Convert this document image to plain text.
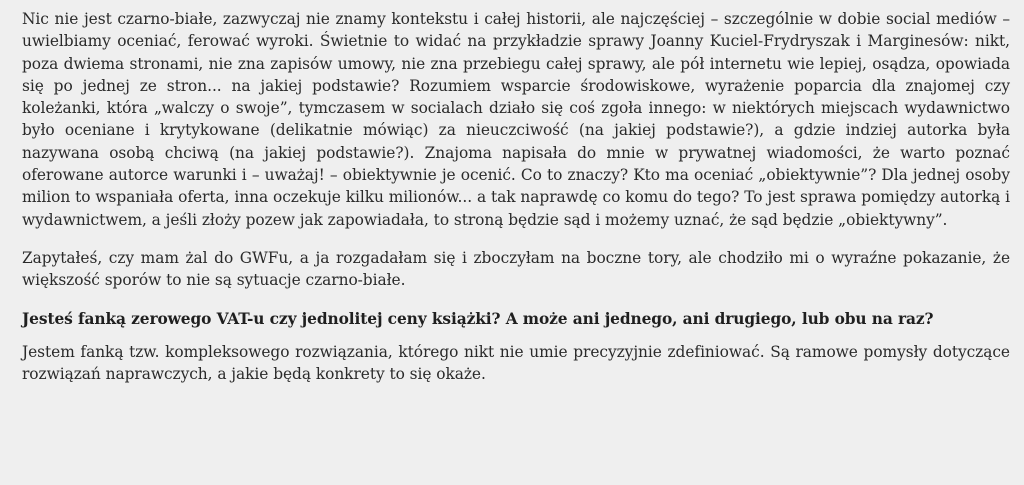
Nic nie jest czarno-białe, zazwyczaj nie znamy kontekstu i całej historii, ale najczęściej – szczególnie w dobie social mediów – uwielbiamy oceniać, ferować wyroki. Świetnie to widać na przykładzie sprawy Joanny Kuciel-Frydryszak i Marginesów: nikt, poza dwiema stronami, nie zna zapisów umowy, nie zna przebiegu całej sprawy, ale pół internetu wie lepiej, osądza, opowiada się po jednej ze stron... na jakiej podstawie? Rozumiem wsparcie środowiskowe, wyrażenie poparcia dla znajomej czy koleżanki, która „walczy o swoje”, tymczasem w socialach działo się coś zgoła innego: w niektórych miejscach wydawnictwo było oceniane i krytykowane (delikatnie mówiąc) za nieuczciwość (na jakiej podstawie?), a gdzie indziej autorka była nazywana osobą chciwą (na jakiej podstawie?). Znajoma napisała do mnie w prywatnej wiadomości, że warto poznać oferowane autorce warunki i – uważaj! – obiektywnie je ocenić. Co to znaczy? Kto ma oceniać „obiektywnie”? Dla jednej osoby milion to wspaniała oferta, inna oczekuje kilku milionów... a tak naprawdę co komu do tego? To jest sprawa pomiędzy autorką i wydawnictwem, a jeśli złoży pozew jak zapowiadała, to stroną będzie sąd i możemy uznać, że sąd będzie „obiektywny”.

Zapytałeś, czy mam żal do GWFu, a ja rozgadałam się i zboczyłam na boczne tory, ale chodziło mi o wyraźne pokazanie, że większość sporów to nie są sytuacje czarno-białe.

Jesteś fanką zerowego VAT-u czy jednolitej ceny książki? A może ani jednego, ani drugiego, lub obu na raz?

Jestem fanką tzw. kompleksowego rozwiązania, którego nikt nie umie precyzyjnie zdefiniować. Są ramowe pomysły dotyczące rozwiązań naprawczych, a jakie będą konkrety to się okaże.
